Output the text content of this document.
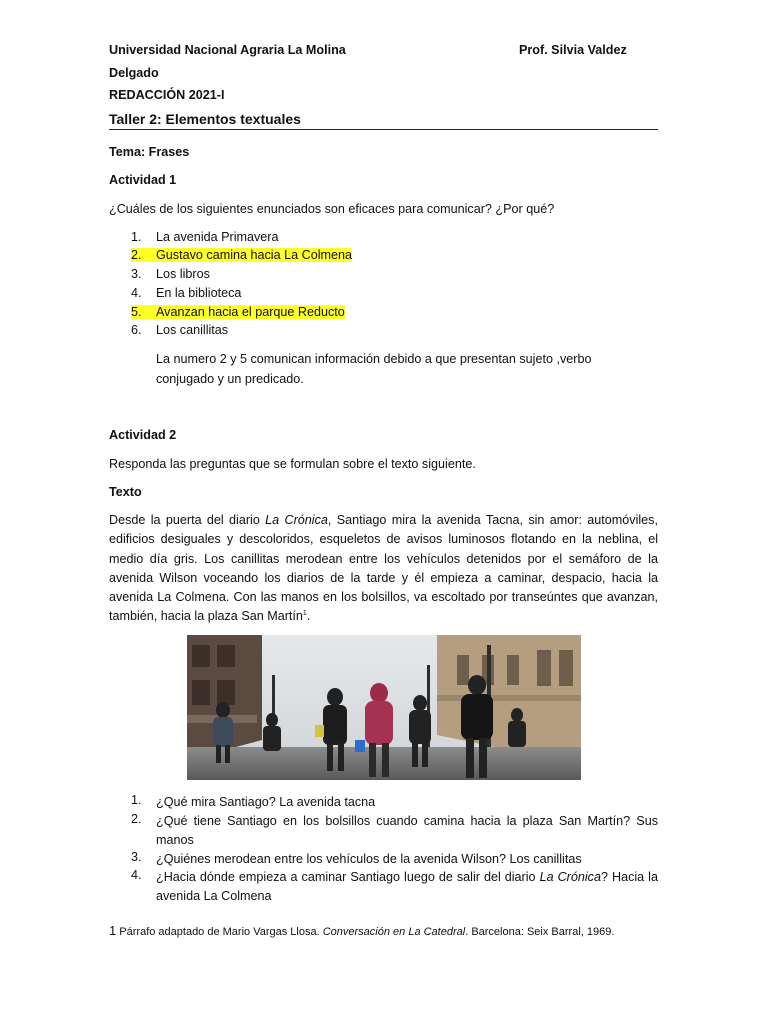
Universidad Nacional Agraria La Molina	Prof. Silvia Valdez
Delgado
REDACCIÓN 2021-I
Taller 2: Elementos textuales
Tema: Frases
Actividad 1
¿Cuáles de los siguientes enunciados son eficaces para comunicar? ¿Por qué?
1. La avenida Primavera
2.	Gustavo camina hacia La Colmena
3. Los libros
4. En la biblioteca
5.	Avanzan hacia el parque Reducto
6. Los canillitas
La numero 2 y 5 comunican información debido a que presentan sujeto ,verbo
conjugado y un predicado.
Actividad 2
Responda las preguntas que se formulan sobre el texto siguiente.
Texto
Desde la puerta del diario La Crónica, Santiago mira la avenida Tacna, sin amor: automóviles,
edificios desiguales y descoloridos, esqueletos de avisos luminosos flotando en la neblina, el
medio día gris. Los canillitas merodean entre los vehículos detenidos por el semáforo de la
avenida Wilson voceando los diarios de la tarde y él empieza a caminar, despacio, hacia la
avenida La Colmena. Con las manos en los bolsillos, va escoltado por transeúntes que avanzan,
también, hacia la plaza San Martín$^1$.
1. ¿Qué mira Santiago? La avenida tacna
2. ¿Qué tiene Santiago en los bolsillos cuando camina hacia la plaza San Martín? Sus
manos
3. ¿Quiénes merodean entre los vehículos de la avenida Wilson? Los canillitas
4. ¿Hacia dónde empieza a caminar Santiago luego de salir del diario La Crónica? Hacia la
avenida La Colmena
1 Párrafo adaptado de Mario Vargas Llosa. Conversación en La Catedral. Barcelona: Seix Barral, 1969.
